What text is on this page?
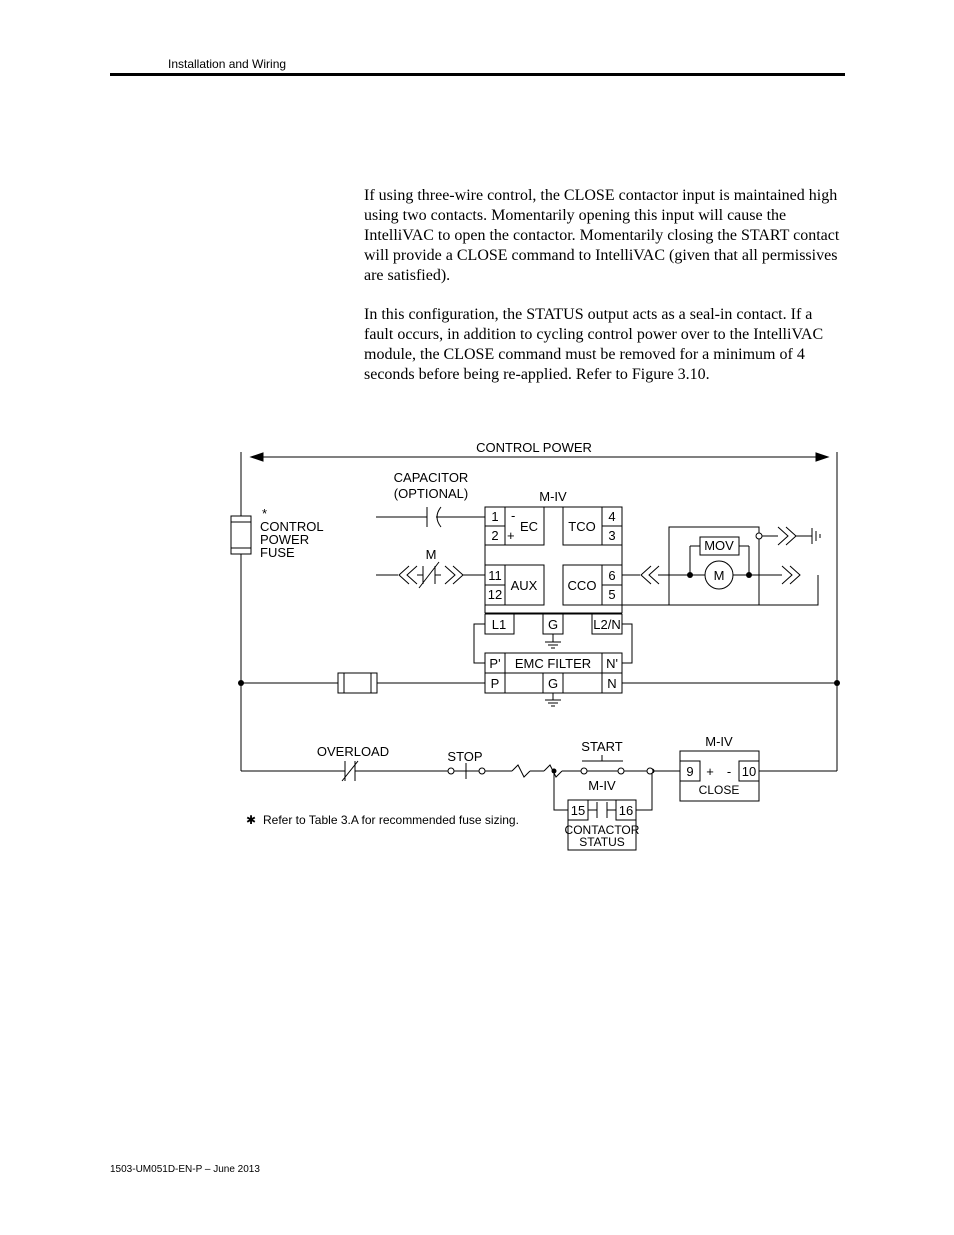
Installation and Wiring

If using three-wire control, the CLOSE contactor input is maintained high using two contacts. Momentarily opening this input will cause the IntelliVAC to open the contactor. Momentarily closing the START contact will provide a CLOSE command to IntelliVAC (given that all permissives are satisfied).

In this configuration, the STATUS output acts as a seal-in contact. If a fault occurs, in addition to cycling control power over to the IntelliVAC module, the CLOSE command must be removed for a minimum of 4 seconds before being re-applied. Refer to Figure 3.10.

CONTROL POWER
CAPACITOR
(OPTIONAL)	M-IV
*
CONTROL
POWER
FUSE	M
1 -
2 +
EC TCO
4
3
11
12
AUX CCO
6
5
MOV
M
L1	G	L2/N
P' EMC FILTER N'
P	G	N
OVERLOAD	STOP
START
M-IV
15	16
CONTACTOR
STATUS
M-IV
9 + - 10
CLOSE
✱ Refer to Table 3.A for recommended fuse sizing.
1503-UM051D-EN-P – June 2013
